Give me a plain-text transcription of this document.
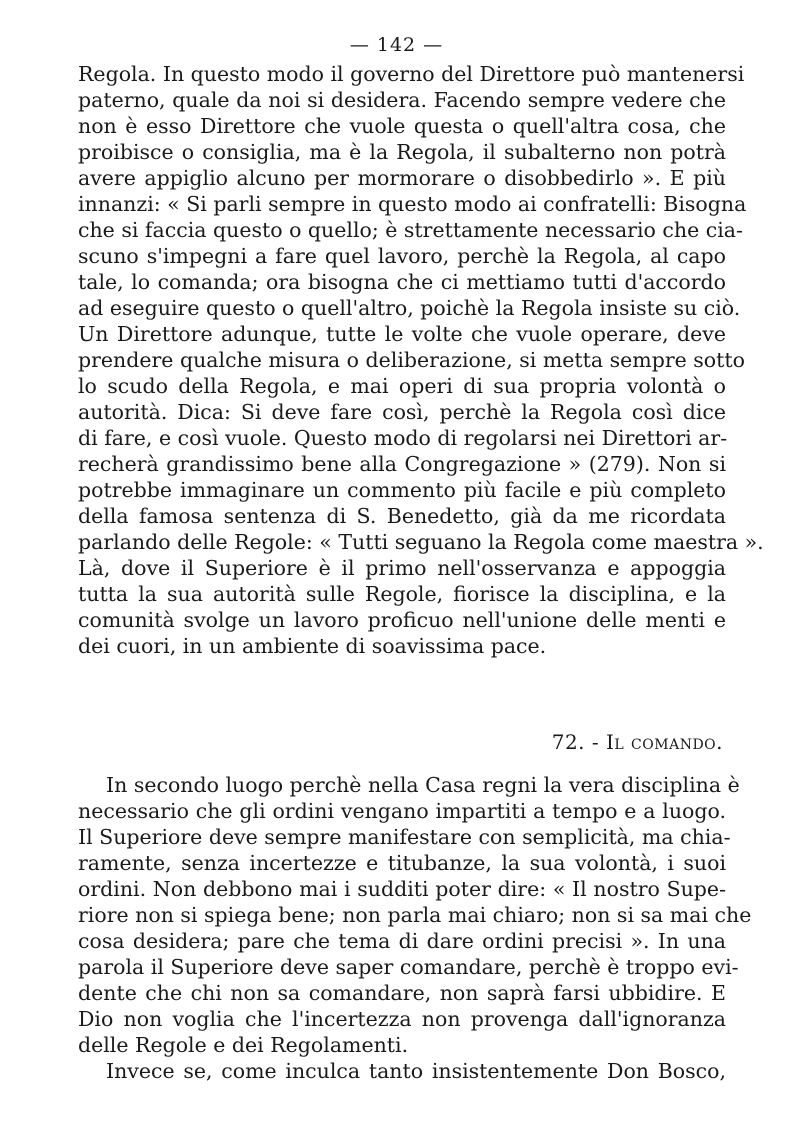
— 142 —
Regola. In questo modo il governo del Direttore può mantenersi
paterno, quale da noi si desidera. Facendo sempre vedere che
non è esso Direttore che vuole questa o quell'altra cosa, che
proibisce o consiglia, ma è la Regola, il subalterno non potrà
avere appiglio alcuno per mormorare o disobbedirlo ». E più
innanzi: « Si parli sempre in questo modo ai confratelli: Bisogna
che si faccia questo o quello; è strettamente necessario che cia-
scuno s'impegni a fare quel lavoro, perchè la Regola, al capo
tale, lo comanda; ora bisogna che ci mettiamo tutti d'accordo
ad eseguire questo o quell'altro, poichè la Regola insiste su ciò.
Un Direttore adunque, tutte le volte che vuole operare, deve
prendere qualche misura o deliberazione, si metta sempre sotto
lo scudo della Regola, e mai operi di sua propria volontà o
autorità. Dica: Si deve fare così, perchè la Regola così dice
di fare, e così vuole. Questo modo di regolarsi nei Direttori ar-
recherà grandissimo bene alla Congregazione » (279). Non si
potrebbe immaginare un commento più facile e più completo
della famosa sentenza di S. Benedetto, già da me ricordata
parlando delle Regole: « Tutti seguano la Regola come maestra ».
Là, dove il Superiore è il primo nell'osservanza e appoggia
tutta la sua autorità sulle Regole, fiorisce la disciplina, e la
comunità svolge un lavoro proficuo nell'unione delle menti e
dei cuori, in un ambiente di soavissima pace.
72. - Il comando.
In secondo luogo perchè nella Casa regni la vera disciplina è
necessario che gli ordini vengano impartiti a tempo e a luogo.
Il Superiore deve sempre manifestare con semplicità, ma chia-
ramente, senza incertezze e titubanze, la sua volontà, i suoi
ordini. Non debbono mai i sudditi poter dire: « Il nostro Supe-
riore non si spiega bene; non parla mai chiaro; non si sa mai che
cosa desidera; pare che tema di dare ordini precisi ». In una
parola il Superiore deve saper comandare, perchè è troppo evi-
dente che chi non sa comandare, non saprà farsi ubbidire. E
Dio non voglia che l'incertezza non provenga dall'ignoranza
delle Regole e dei Regolamenti.
Invece se, come inculca tanto insistentemente Don Bosco,
